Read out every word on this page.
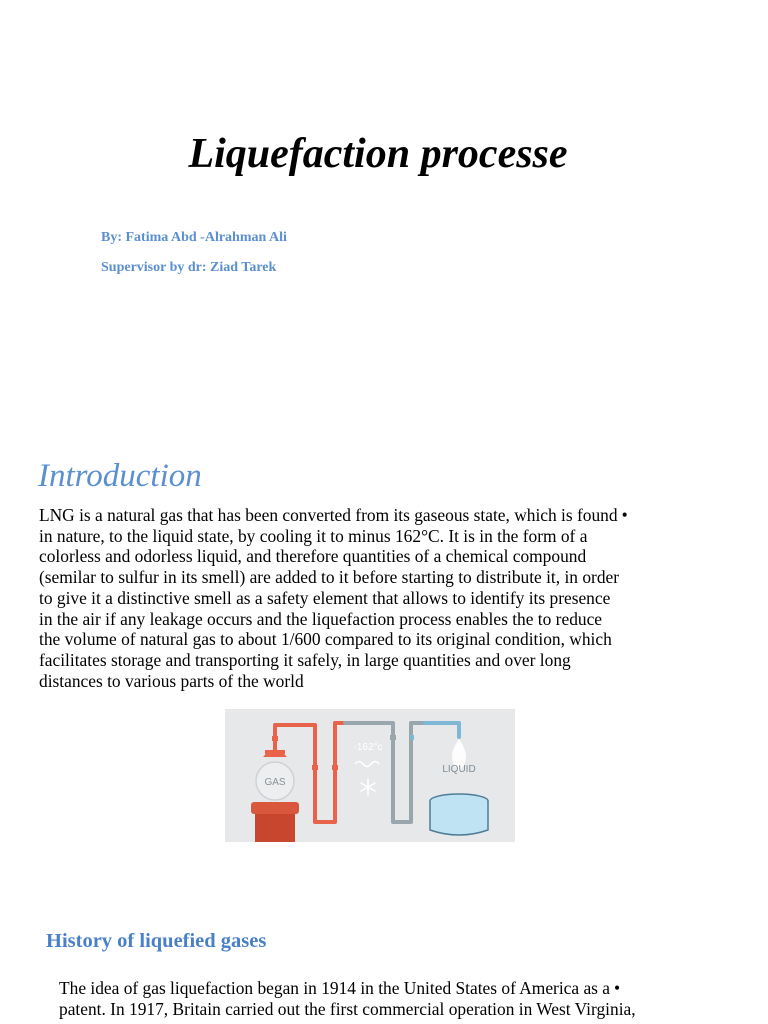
Liquefaction processe
By: Fatima Abd -Alrahman Ali
Supervisor by dr: Ziad Tarek
Introduction

LNG is a natural gas that has been converted from its gaseous state, which is found •
in nature, to the liquid state, by cooling it to minus 162°C. It is in the form of a
colorless and odorless liquid, and therefore quantities of a chemical compound
(semilar to sulfur in its smell) are added to it before starting to distribute it, in order
to give it a distinctive smell as a safety element that allows to identify its presence
in the air if any leakage occurs and the liquefaction process enables the to reduce
the volume of natural gas to about 1/600 compared to its original condition, which
facilitates storage and transporting it safely, in large quantities and over long
distances to various parts of the world

GAS
-162°c
LIQUID
History of liquefied gases

The idea of gas liquefaction began in 1914 in the United States of America as a •
patent. In 1917, Britain carried out the first commercial operation in West Virginia,
